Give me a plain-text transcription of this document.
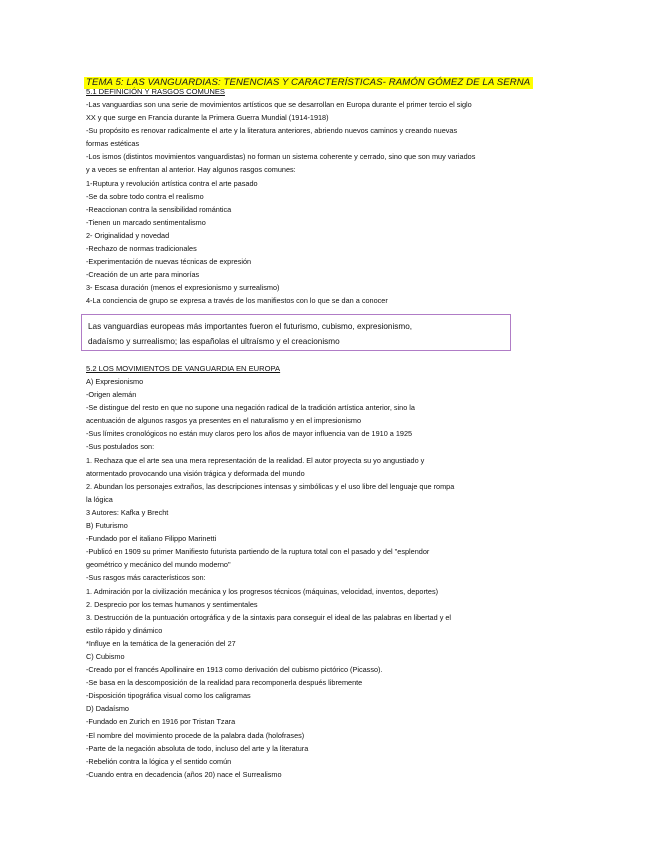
TEMA 5: LAS VANGUARDIAS: TENENCIAS Y CARACTERÍSTICAS- RAMÓN GÓMEZ DE LA SERNA
5.1 DEFINICIÓN Y RASGOS COMUNES
-Las vanguardias son una serie de movimientos artísticos que se desarrollan en Europa durante el primer tercio el siglo
XX y que surge en Francia durante la Primera Guerra Mundial (1914-1918)
-Su propósito es renovar radicalmente el arte y la literatura anteriores, abriendo nuevos caminos y creando nuevas
formas estéticas
-Los ismos (distintos movimientos vanguardistas) no forman un sistema coherente y cerrado, sino que son muy variados
y a veces se enfrentan al anterior. Hay algunos rasgos comunes:
1-Ruptura y revolución artística contra el arte pasado
-Se da sobre todo contra el realismo
-Reaccionan contra la sensibilidad romántica
-Tienen un marcado sentimentalismo
2- Originalidad y novedad
-Rechazo de normas tradicionales
-Experimentación de nuevas técnicas de expresión
-Creación de un arte para minorías
3- Escasa duración (menos el expresionismo y surrealismo)
4-La conciencia de grupo se expresa a través de los manifiestos con lo que se dan a conocer
Las vanguardias europeas más importantes fueron el futurismo, cubismo, expresionismo,
dadaísmo y surrealismo; las españolas el ultraísmo y el creacionismo
5.2 LOS MOVIMIENTOS DE VANGUARDIA EN EUROPA
A) Expresionismo
-Origen alemán
-Se distingue del resto en que no supone una negación radical de la tradición artística anterior, sino la
acentuación de algunos rasgos ya presentes en el naturalismo y en el impresionismo
-Sus límites cronológicos no están muy claros pero los años de mayor influencia van de 1910 a 1925
-Sus postulados son:
1. Rechaza que el arte sea una mera representación de la realidad. El autor proyecta su yo angustiado y
atormentado provocando una visión trágica y deformada del mundo
2. Abundan los personajes extraños, las descripciones intensas y simbólicas y el uso libre del lenguaje que rompa
la lógica
3 Autores: Kafka y Brecht
B) Futurismo
-Fundado por el italiano Filippo Marinetti
-Publicó en 1909 su primer Manifiesto futurista partiendo de la ruptura total con el pasado y del "esplendor
geométrico y mecánico del mundo moderno"
-Sus rasgos más característicos son:
1. Admiración por la civilización mecánica y los progresos técnicos (máquinas, velocidad, inventos, deportes)
2. Desprecio por los temas humanos y sentimentales
3. Destrucción de la puntuación ortográfica y de la sintaxis para conseguir el ideal de las palabras en libertad y el
estilo rápido y dinámico
*Influye en la temática de la generación del 27
C) Cubismo
-Creado por el francés Apollinaire en 1913 como derivación del cubismo pictórico (Picasso).
-Se basa en la descomposición de la realidad para recomponerla después libremente
-Disposición tipográfica visual como los caligramas
D) Dadaísmo
-Fundado en Zurich en 1916 por Tristan Tzara
-El nombre del movimiento procede de la palabra dada (holofrases)
-Parte de la negación absoluta de todo, incluso del arte y la literatura
-Rebelión contra la lógica y el sentido común
-Cuando entra en decadencia (años 20) nace el Surrealismo
